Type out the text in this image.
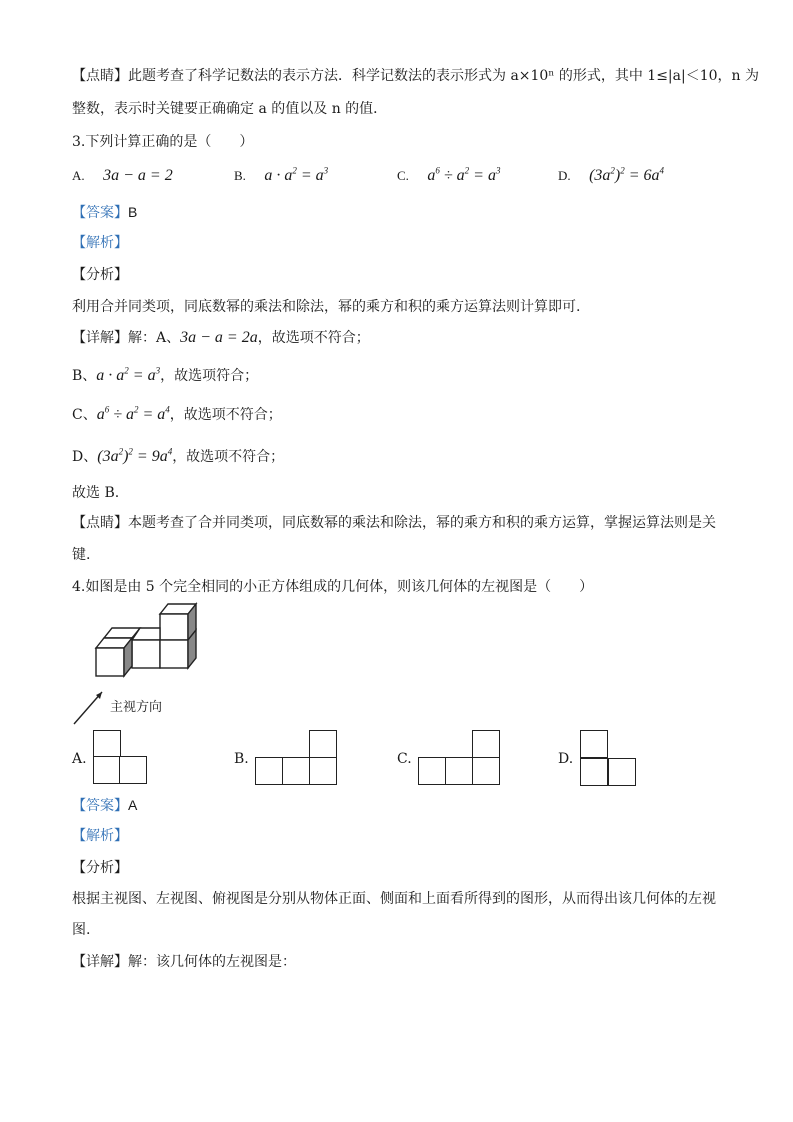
【点睛】此题考查了科学记数法的表示方法．科学记数法的表示形式为 a×10ⁿ 的形式，其中 1≤|a|＜10，n 为
整数，表示时关键要正确确定 a 的值以及 n 的值．
3.下列计算正确的是（　　）
A. 3a − a = 2	B. $a \cdot a^2 = a^3$	C. $a^6 \div a^2 = a^3$	D. $(3a^2)^2 = 6a^4$
【答案】B
【解析】
【分析】
利用合并同类项，同底数幂的乘法和除法，幂的乘方和积的乘方运算法则计算即可.
【详解】解：A、3a − a = 2a，故选项不符合；
B、$a \cdot a^2 = a^3$，故选项符合；
C、$a^6 \div a^2 = a^4$，故选项不符合；
D、$(3a^2)^2 = 9a^4$，故选项不符合；
故选 B.
【点睛】本题考查了合并同类项，同底数幂的乘法和除法，幂的乘方和积的乘方运算，掌握运算法则是关
键.
4.如图是由 5 个完全相同的小正方体组成的几何体，则该几何体的左视图是（　　）
主视方向
A.	B.	C.	D.
【答案】A
【解析】
【分析】
根据主视图、左视图、俯视图是分别从物体正面、侧面和上面看所得到的图形，从而得出该几何体的左视
图.
【详解】解：该几何体的左视图是：
